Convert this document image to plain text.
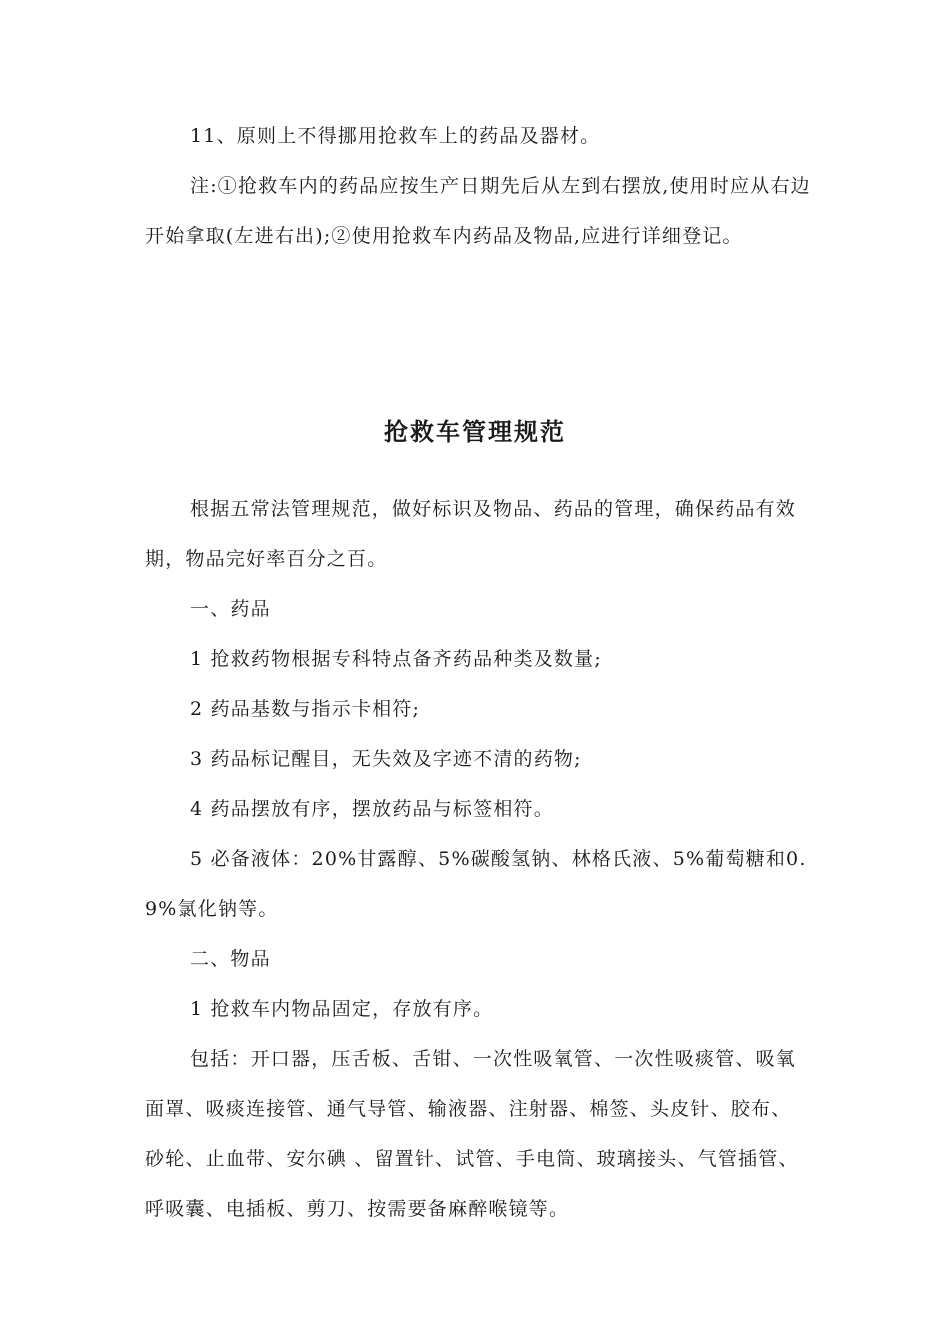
11、原则上不得挪用抢救车上的药品及器材。

注:①抢救车内的药品应按生产日期先后从左到右摆放,使用时应从右边开始拿取(左进右出);②使用抢救车内药品及物品,应进行详细登记。

抢救车管理规范

根据五常法管理规范，做好标识及物品、药品的管理，确保药品有效期，物品完好率百分之百。

一、药品

1 抢救药物根据专科特点备齐药品种类及数量;

2 药品基数与指示卡相符;

3 药品标记醒目，无失效及字迹不清的药物;

4 药品摆放有序，摆放药品与标签相符。

5 必备液体：20%甘露醇、5%碳酸氢钠、林格氏液、5%葡萄糖和0.9%氯化钠等。

二、物品

1 抢救车内物品固定，存放有序。

包括：开口器，压舌板、舌钳、一次性吸氧管、一次性吸痰管、吸氧面罩、吸痰连接管、通气导管、输液器、注射器、棉签、头皮针、胶布、砂轮、止血带、安尔碘 、留置针、试管、手电筒、玻璃接头、气管插管、呼吸囊、电插板、剪刀、按需要备麻醉喉镜等。
